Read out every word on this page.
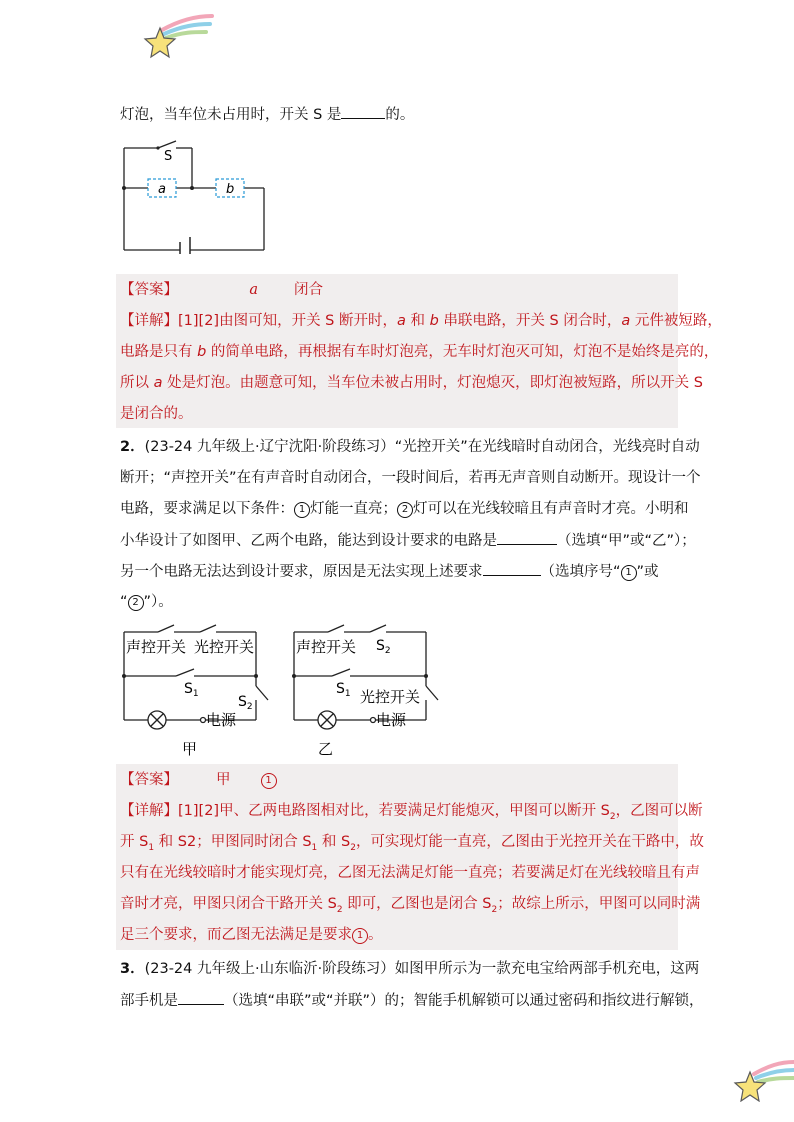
灯泡，当车位未占用时，开关 S 是	的。
S
a	b
【答案】	a 闭合
【详解】[1][2]由图可知，开关 S 断开时，a 和 b 串联电路，开关 S 闭合时，a 元件被短路，
电路是只有 b 的简单电路，再根据有车时灯泡亮，无车时灯泡灭可知，灯泡不是始终是亮的，
所以 a 处是灯泡。由题意可知，当车位未被占用时，灯泡熄灭，即灯泡被短路，所以开关 S
是闭合的。
2．(23-24 九年级上·辽宁沈阳·阶段练习）“光控开关”在光线暗时自动闭合，光线亮时自动
断开；“声控开关”在有声音时自动闭合，一段时间后，若再无声音则自动断开。现设计一个
电路，要求满足以下条件： 1 灯能一直亮； 2 灯可以在光线较暗且有声音时才亮。小明和
小华设计了如图甲、乙两个电路，能达到设计要求的电路是	（选填“甲”或“乙”）；
另一个电路无法达到设计要求，原因是无法实现上述要求	（选填序号“ 1 ”或
“ 2 ”）。
声控开关 光控开关
$S_1$	$S_2$
电源
甲
声控开关 $S_2$
$S_1$ 光控开关
电源
乙
【答案】	甲	1
【详解】[1][2]甲、乙两电路图相对比，若要满足灯能熄灭，甲图可以断开 $S_2$，乙图可以断
开 $S_1$ 和 S2；甲图同时闭合 $S_1$ 和 $S_2$，可实现灯能一直亮，乙图由于光控开关在干路中，故
只有在光线较暗时才能实现灯亮，乙图无法满足灯能一直亮；若要满足灯在光线较暗且有声
音时才亮，甲图只闭合干路开关 $S_2$ 即可，乙图也是闭合 $S_2$；故综上所示，甲图可以同时满
足三个要求，而乙图无法满足是要求 1 。
3．(23-24 九年级上·山东临沂·阶段练习）如图甲所示为一款充电宝给两部手机充电，这两
部手机是	（选填“串联”或“并联”）的；智能手机解锁可以通过密码和指纹进行解锁，
